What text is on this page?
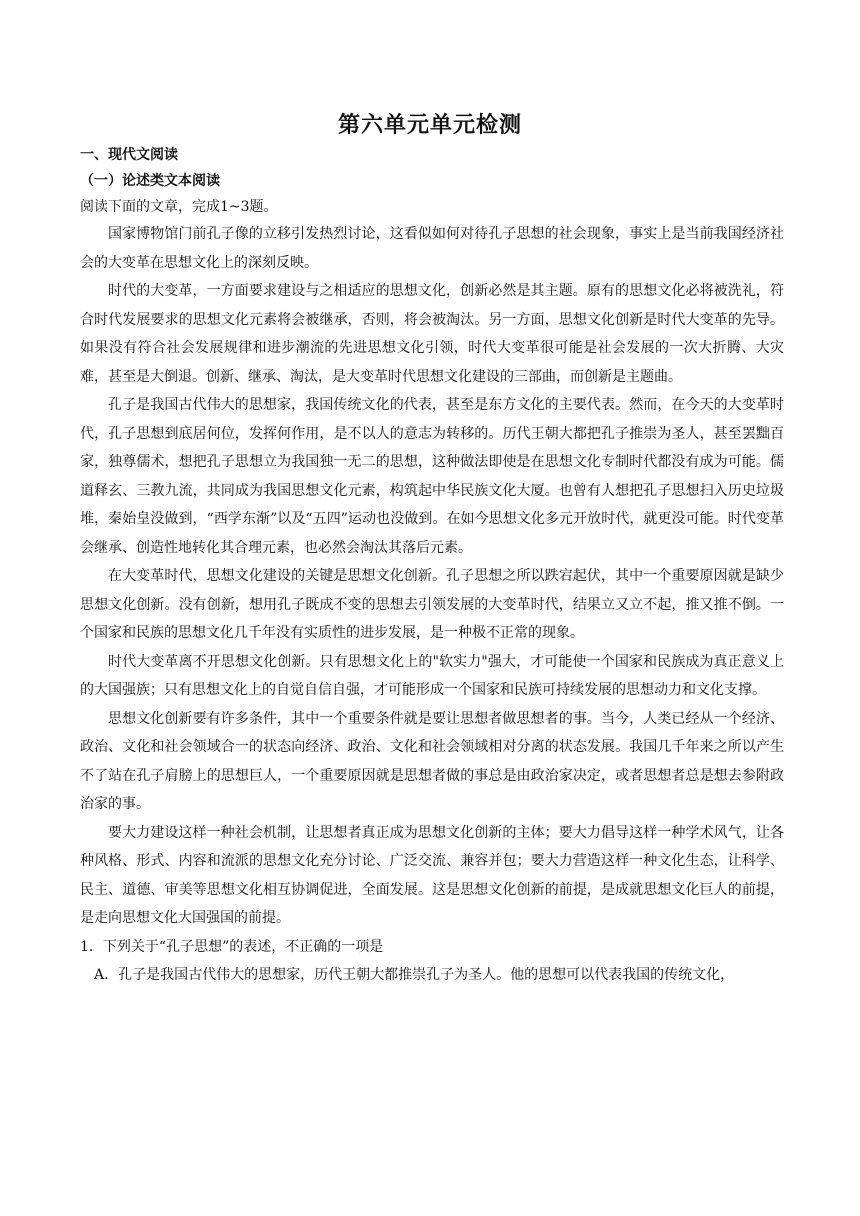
第六单元单元检测
一、现代文阅读
（一）论述类文本阅读
阅读下面的文章，完成1~3题。

国家博物馆门前孔子像的立移引发热烈讨论，这看似如何对待孔子思想的社会现象，事实上是当前我国经济社会的大变革在思想文化上的深刻反映。

时代的大变革，一方面要求建设与之相适应的思想文化，创新必然是其主题。原有的思想文化必将被洗礼，符合时代发展要求的思想文化元素将会被继承，否则，将会被淘汰。另一方面，思想文化创新是时代大变革的先导。如果没有符合社会发展规律和进步潮流的先进思想文化引领，时代大变革很可能是社会发展的一次大折腾、大灾难，甚至是大倒退。创新、继承、淘汰，是大变革时代思想文化建设的三部曲，而创新是主题曲。

孔子是我国古代伟大的思想家，我国传统文化的代表，甚至是东方文化的主要代表。然而，在今天的大变革时代，孔子思想到底居何位，发挥何作用，是不以人的意志为转移的。历代王朝大都把孔子推崇为圣人，甚至罢黜百家，独尊儒术，想把孔子思想立为我国独一无二的思想，这种做法即使是在思想文化专制时代都没有成为可能。儒道释玄、三教九流，共同成为我国思想文化元素，构筑起中华民族文化大厦。也曾有人想把孔子思想扫入历史垃圾堆，秦始皇没做到，“西学东渐”以及“五四”运动也没做到。在如今思想文化多元开放时代，就更没可能。时代变革会继承、创造性地转化其合理元素，也必然会淘汰其落后元素。

在大变革时代，思想文化建设的关键是思想文化创新。孔子思想之所以跌宕起伏，其中一个重要原因就是缺少思想文化创新。没有创新，想用孔子既成不变的思想去引领发展的大变革时代，结果立又立不起，推又推不倒。一个国家和民族的思想文化几千年没有实质性的进步发展，是一种极不正常的现象。

时代大变革离不开思想文化创新。只有思想文化上的"软实力"强大，才可能使一个国家和民族成为真正意义上的大国强族；只有思想文化上的自觉自信自强，才可能形成一个国家和民族可持续发展的思想动力和文化支撑。

思想文化创新要有许多条件，其中一个重要条件就是要让思想者做思想者的事。当今，人类已经从一个经济、政治、文化和社会领域合一的状态向经济、政治、文化和社会领域相对分离的状态发展。我国几千年来之所以产生不了站在孔子肩膀上的思想巨人，一个重要原因就是思想者做的事总是由政治家决定，或者思想者总是想去参附政治家的事。

要大力建设这样一种社会机制，让思想者真正成为思想文化创新的主体；要大力倡导这样一种学术风气，让各种风格、形式、内容和流派的思想文化充分讨论、广泛交流、兼容并包；要大力营造这样一种文化生态，让科学、民主、道德、审美等思想文化相互协调促进，全面发展。这是思想文化创新的前提，是成就思想文化巨人的前提，是走向思想文化大国强国的前提。

1．下列关于“孔子思想”的表述，不正确的一项是

A．孔子是我国古代伟大的思想家，历代王朝大都推崇孔子为圣人。他的思想可以代表我国的传统文化，
